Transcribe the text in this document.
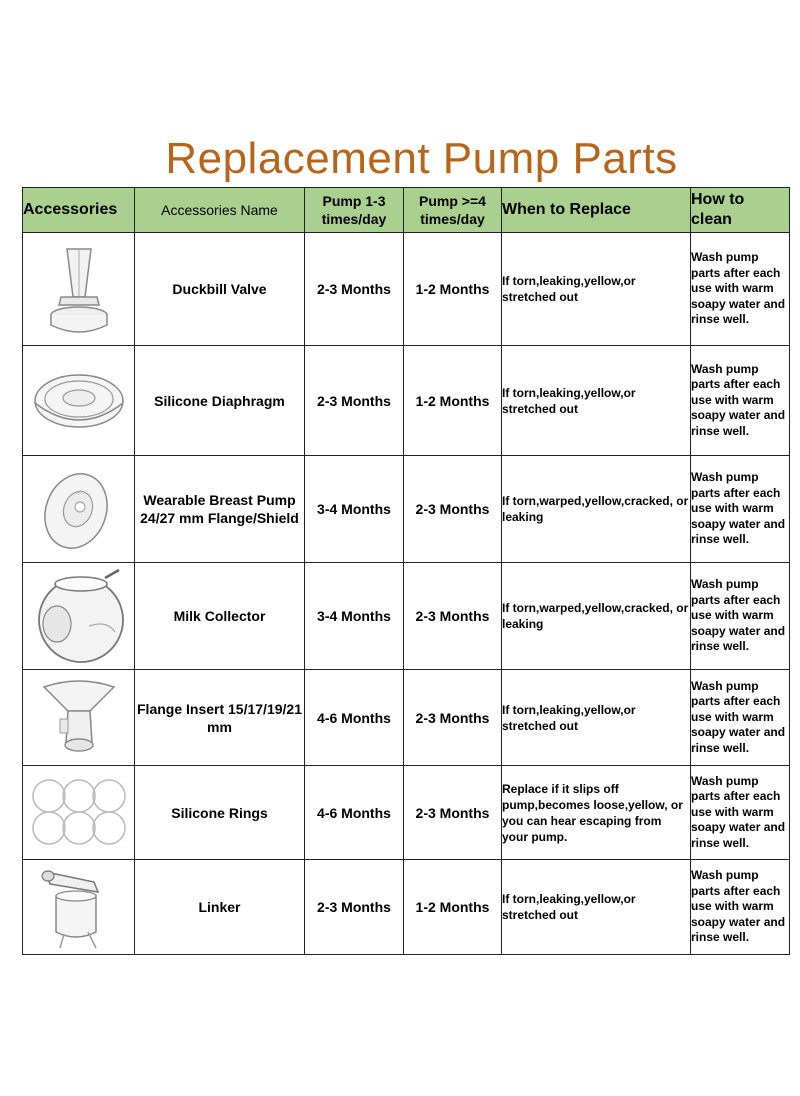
Replacement Pump Parts
Accessories	Accessories Name	Pump 1-3 times/day	Pump >=4 times/day	When to Replace	How to clean

	Duckbill Valve	2-3 Months	1-2 Months	If torn,leaking,yellow,or stretched out	Wash pump parts after each use with warm soapy water and rinse well.

	Silicone Diaphragm	2-3 Months	1-2 Months	If torn,leaking,yellow,or stretched out	Wash pump parts after each use with warm soapy water and rinse well.

	Wearable Breast Pump 24/27 mm Flange/Shield	3-4 Months	2-3 Months	If torn,warped,yellow,cracked, or leaking	Wash pump parts after each use with warm soapy water and rinse well.

	Milk Collector	3-4 Months	2-3 Months	If torn,warped,yellow,cracked, or leaking	Wash pump parts after each use with warm soapy water and rinse well.

	Flange Insert 15/17/19/21 mm	4-6 Months	2-3 Months	If torn,leaking,yellow,or stretched out	Wash pump parts after each use with warm soapy water and rinse well.

	Silicone Rings	4-6 Months	2-3 Months	Replace if it slips off pump,becomes loose,yellow, or you can hear escaping from your pump.	Wash pump parts after each use with warm soapy water and rinse well.

	Linker	2-3 Months	1-2 Months	If torn,leaking,yellow,or stretched out	Wash pump parts after each use with warm soapy water and rinse well.
